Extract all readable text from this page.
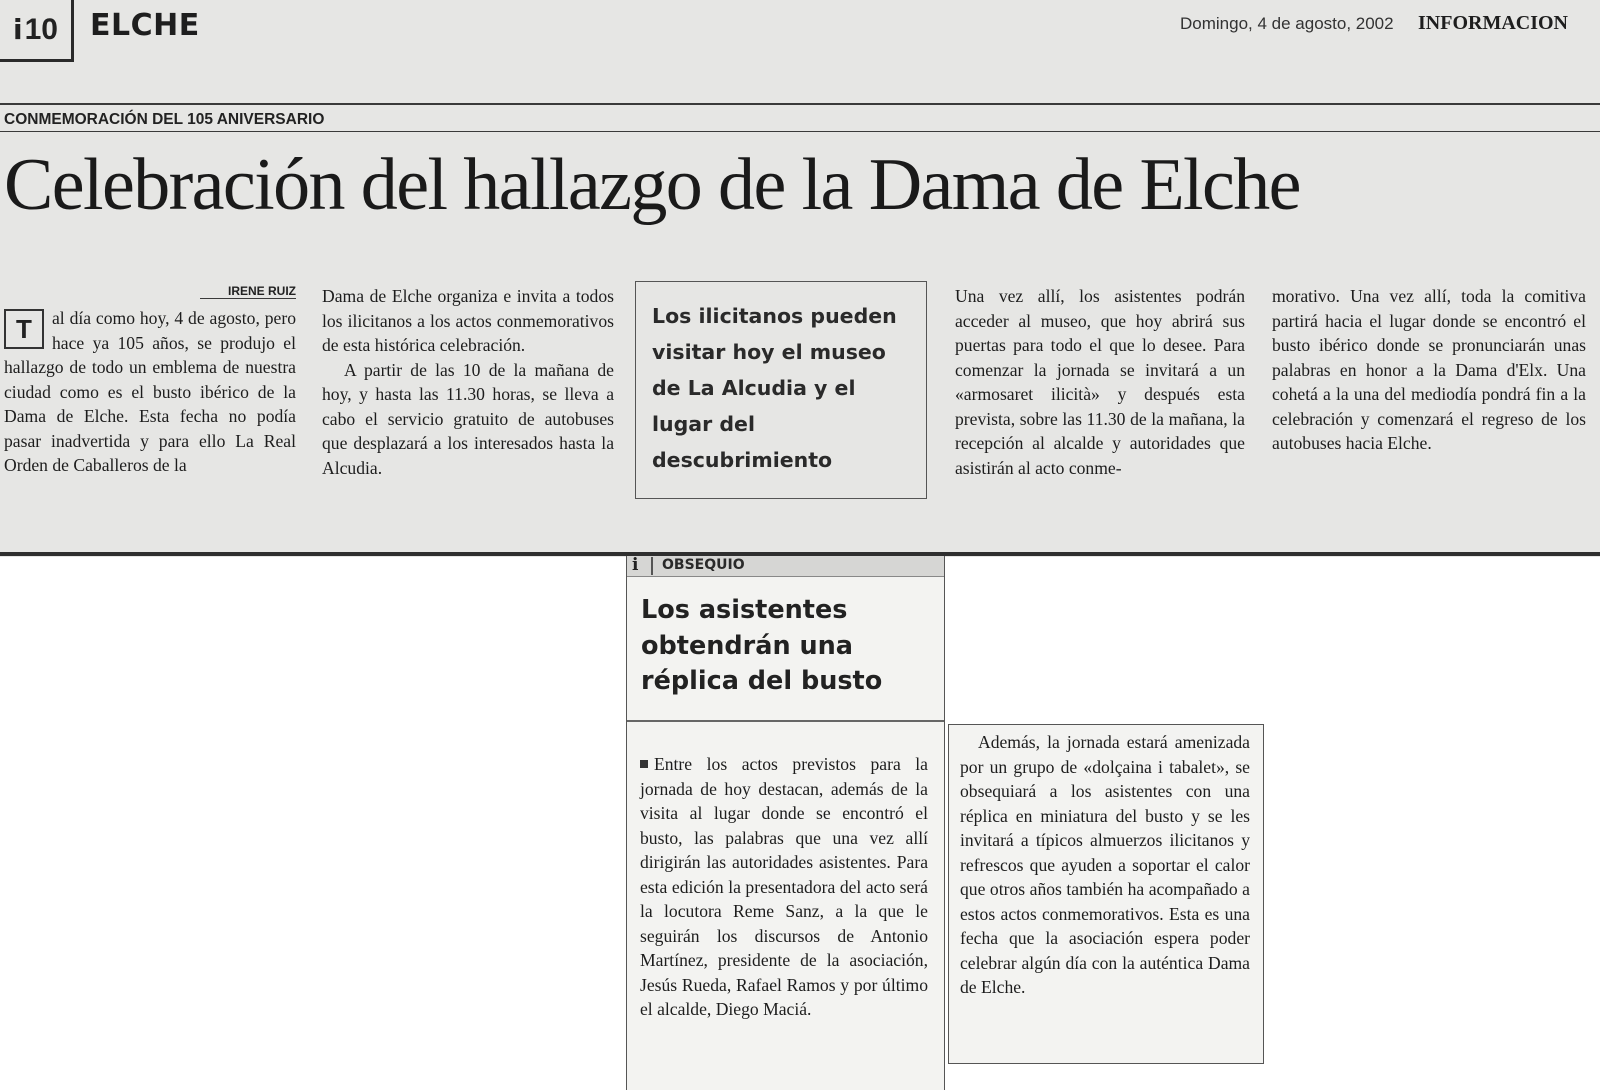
i 10 ELCHE	Domingo, 4 de agosto, 2002 INFORMACION
CONMEMORACIÓN DEL 105 ANIVERSARIO
Celebración del hallazgo de la Dama de Elche
IRENE RUIZ

T	al día como hoy, 4 de agosto, pero hace ya 105 años, se produjo el hallazgo de todo un emblema de nuestra ciudad como es el busto ibérico de la Dama de Elche. Esta fecha no podía pasar inadvertida y para ello La Real Orden de Caballeros de la

Dama de Elche organiza e invita a todos los ilicitanos a los actos conmemorativos de esta histórica celebración.

A partir de las 10 de la mañana de hoy, y hasta las 11.30 horas, se lleva a cabo el servicio gratuito de autobuses que desplazará a los interesados hasta la Alcudia.

Los ilicitanos pueden visitar hoy el museo de La Alcudia y el lugar del descubrimiento

Una vez allí, los asistentes podrán acceder al museo, que hoy abrirá sus puertas para todo el que lo desee. Para comenzar la jornada se invitará a un «armosaret ilicità» y después esta prevista, sobre las 11.30 de la mañana, la recepción al alcalde y autoridades que asistirán al acto conme-

morativo. Una vez allí, toda la comitiva partirá hacia el lugar donde se encontró el busto ibérico donde se pronunciarán unas palabras en honor a la Dama d'Elx. Una cohetá a la una del mediodía pondrá fin a la celebración y comenzará el regreso de los autobuses hacia Elche.

i OBSEQUIO
Los asistentes obtendrán una réplica del busto

Entre los actos previstos para la jornada de hoy destacan, además de la visita al lugar donde se encontró el busto, las palabras que una vez allí dirigirán las autoridades asistentes. Para esta edición la presentadora del acto será la locutora Reme Sanz, a la que le seguirán los discursos de Antonio Martínez, presidente de la asociación, Jesús Rueda, Rafael Ramos y por último el alcalde, Diego Maciá.

Además, la jornada estará amenizada por un grupo de «dolçaina i tabalet», se obsequiará a los asistentes con una réplica en miniatura del busto y se les invitará a típicos almuerzos ilicitanos y refrescos que ayuden a soportar el calor que otros años también ha acompañado a estos actos conmemorativos. Esta es una fecha que la asociación espera poder celebrar algún día con la auténtica Dama de Elche.
